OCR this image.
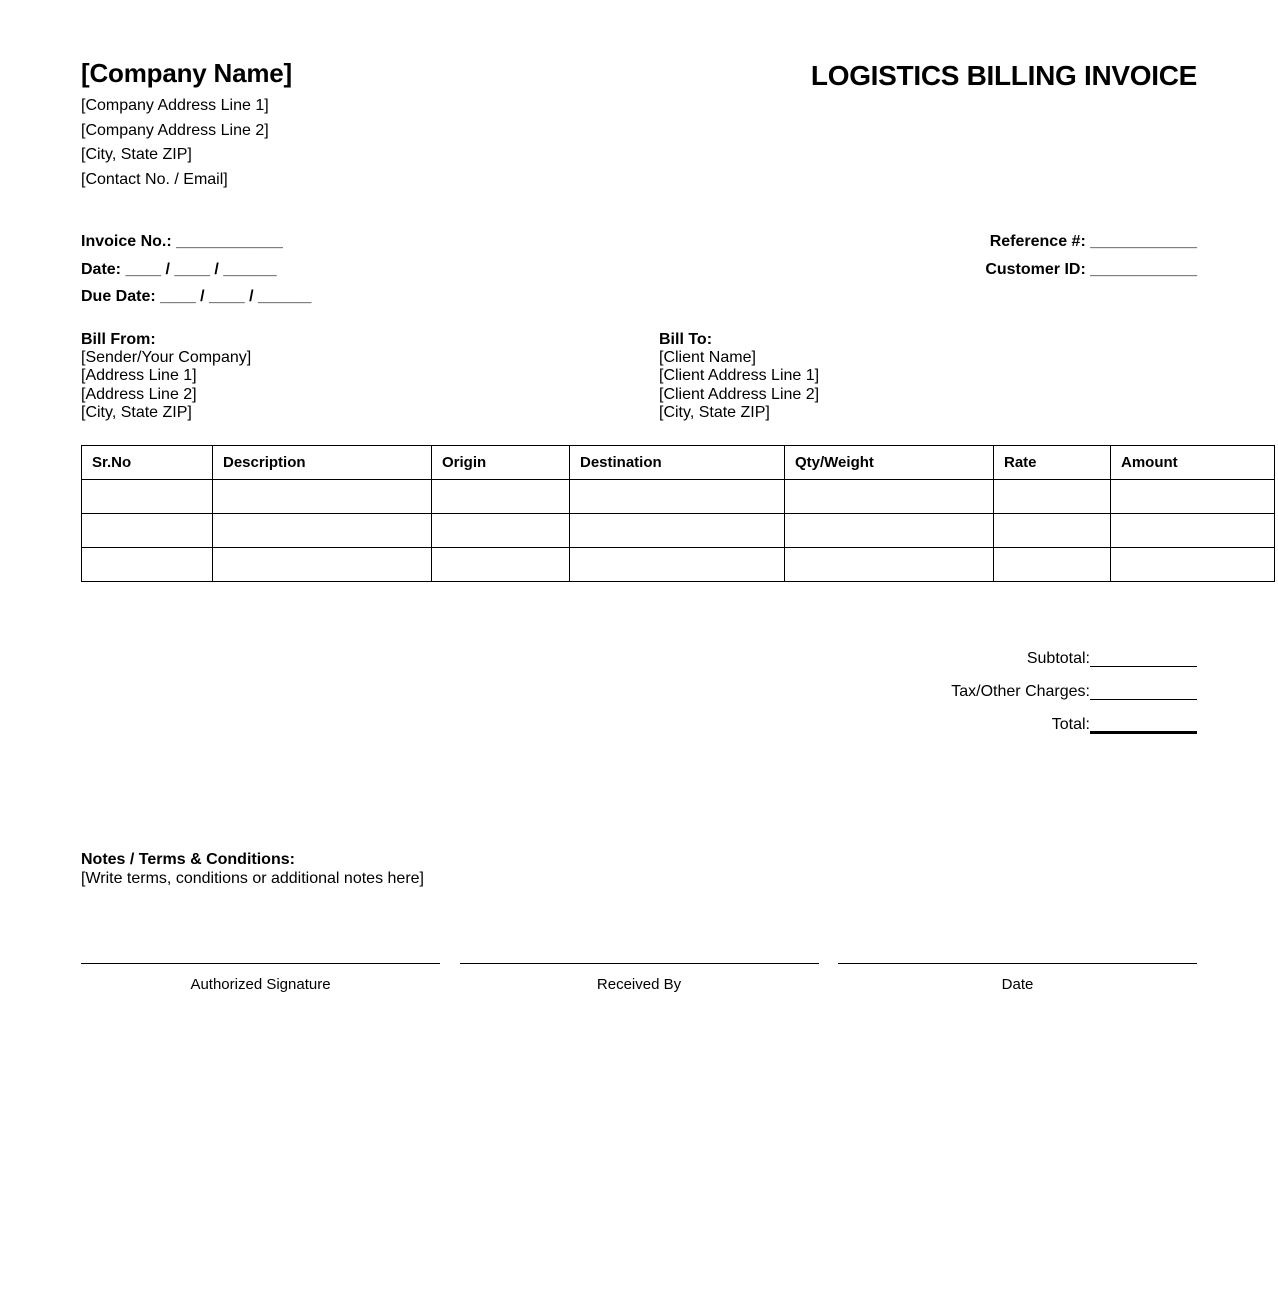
[Company Name]
[Company Address Line 1]
[Company Address Line 2]
[City, State ZIP]
[Contact No. / Email]
LOGISTICS BILLING INVOICE
Invoice No.: ____________
Date: ____ / ____ / ______
Due Date: ____ / ____ / ______
Reference #: ____________
Customer ID: ____________
Bill From:
[Sender/Your Company]
[Address Line 1]
[Address Line 2]
[City, State ZIP]
Bill To:
[Client Name]
[Client Address Line 1]
[Client Address Line 2]
[City, State ZIP]
Sr.No	Description	Origin	Destination	Qty/Weight	Rate	Amount

Subtotal:
Tax/Other Charges:
Total:
Notes / Terms & Conditions:
[Write terms, conditions or additional notes here]
Authorized Signature	Received By	Date
